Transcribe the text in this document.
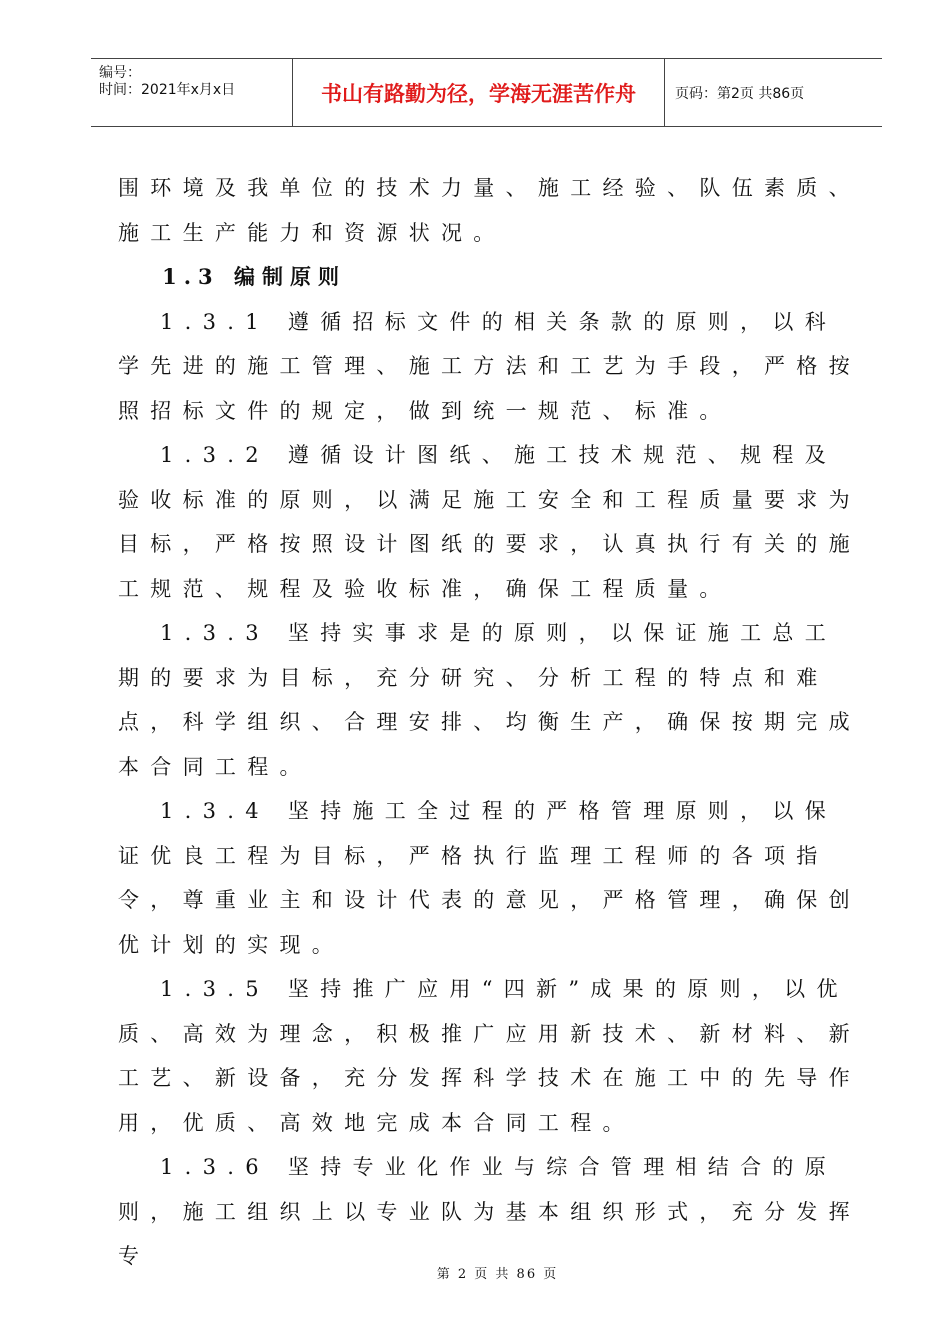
编号：
时间：2021年x月x日	书山有路勤为径，学海无涯苦作舟	页码：第2页 共86页

围环境及我单位的技术力量、施工经验、队伍素质、施工生产能力和资源状况。

1.3 编制原则

1.3.1 遵循招标文件的相关条款的原则，以科学先进的施工管理、施工方法和工艺为手段，严格按照招标文件的规定，做到统一规范、标准。

1.3.2 遵循设计图纸、施工技术规范、规程及验收标准的原则，以满足施工安全和工程质量要求为目标，严格按照设计图纸的要求，认真执行有关的施工规范、规程及验收标准，确保工程质量。

1.3.3 坚持实事求是的原则，以保证施工总工期的要求为目标，充分研究、分析工程的特点和难点，科学组织、合理安排、均衡生产，确保按期完成本合同工程。

1.3.4 坚持施工全过程的严格管理原则，以保证优良工程为目标，严格执行监理工程师的各项指令，尊重业主和设计代表的意见，严格管理，确保创优计划的实现。

1.3.5 坚持推广应用“四新”成果的原则，以优质、高效为理念，积极推广应用新技术、新材料、新工艺、新设备，充分发挥科学技术在施工中的先导作用，优质、高效地完成本合同工程。

1.3.6 坚持专业化作业与综合管理相结合的原则，施工组织上以专业队为基本组织形式，充分发挥专

第 2 页 共 86 页
